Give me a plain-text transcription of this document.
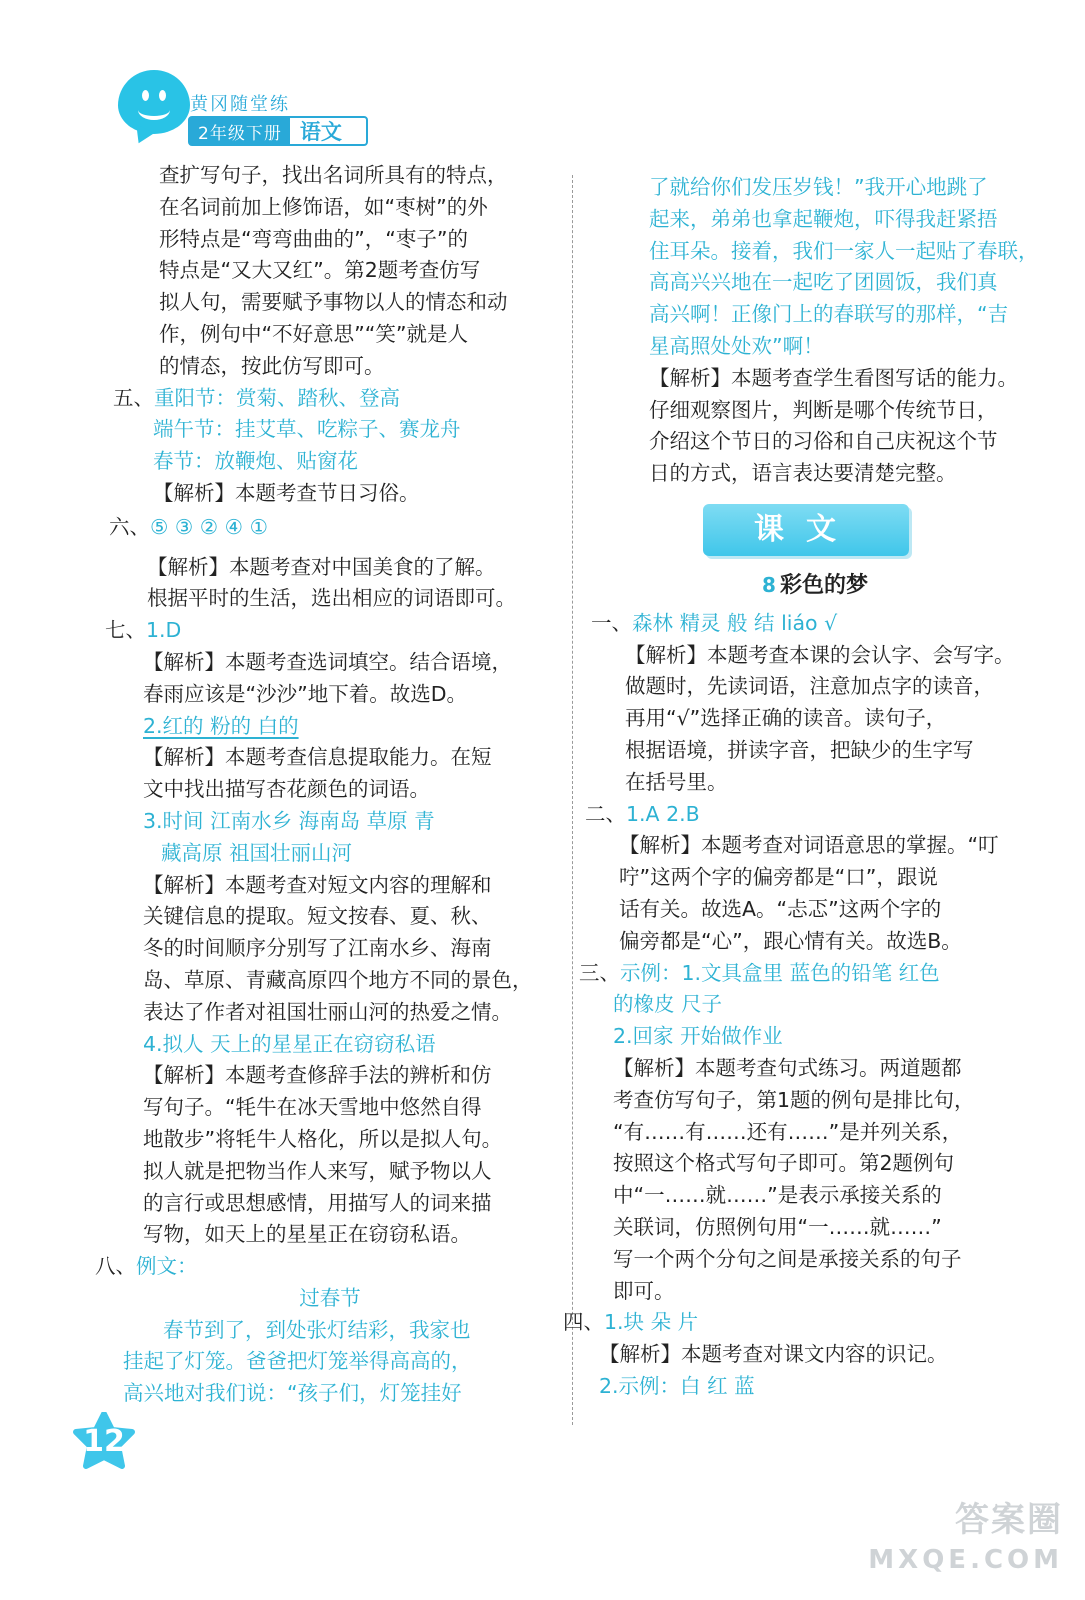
黄冈随堂练
2年级下册 语文
查扩写句子，找出名词所具有的特点，
在名词前加上修饰语，如“枣树”的外
形特点是“弯弯曲曲的”，“枣子”的
特点是“又大又红”。第2题考查仿写
拟人句，需要赋予事物以人的情态和动
作，例句中“不好意思”“笑”就是人
的情态，按此仿写即可。
五、重阳节：赏菊、踏秋、登高
端午节：挂艾草、吃粽子、赛龙舟
春节：放鞭炮、贴窗花
【解析】本题考查节日习俗。
六、⑤ ③ ② ④ ①
【解析】本题考查对中国美食的了解。
根据平时的生活，选出相应的词语即可。
七、1.D
【解析】本题考查选词填空。结合语境，
春雨应该是“沙沙”地下着。故选D。
2.红的 粉的 白的
【解析】本题考查信息提取能力。在短
文中找出描写杏花颜色的词语。
3.时间 江南水乡 海南岛 草原 青
藏高原 祖国壮丽山河
【解析】本题考查对短文内容的理解和
关键信息的提取。短文按春、夏、秋、
冬的时间顺序分别写了江南水乡、海南
岛、草原、青藏高原四个地方不同的景色，
表达了作者对祖国壮丽山河的热爱之情。
4.拟人 天上的星星正在窃窃私语
【解析】本题考查修辞手法的辨析和仿
写句子。“牦牛在冰天雪地中悠然自得
地散步”将牦牛人格化，所以是拟人句。
拟人就是把物当作人来写，赋予物以人
的言行或思想感情，用描写人的词来描
写物，如天上的星星正在窃窃私语。
八、例文：
过春节
春节到了，到处张灯结彩，我家也
挂起了灯笼。爸爸把灯笼举得高高的，
高兴地对我们说：“孩子们，灯笼挂好
了就给你们发压岁钱！”我开心地跳了
起来，弟弟也拿起鞭炮，吓得我赶紧捂
住耳朵。接着，我们一家人一起贴了春联，
高高兴兴地在一起吃了团圆饭，我们真
高兴啊！正像门上的春联写的那样，“吉
星高照处处欢”啊！
【解析】本题考查学生看图写话的能力。
仔细观察图片，判断是哪个传统节日，
介绍这个节日的习俗和自己庆祝这个节
日的方式，语言表达要清楚完整。
课文
8 彩色的梦
一、森林 精灵 般 结 liáo √
【解析】本题考查本课的会认字、会写字。
做题时，先读词语，注意加点字的读音，
再用“√”选择正确的读音。读句子，
根据语境，拼读字音，把缺少的生字写
在括号里。
二、1.A 2.B
【解析】本题考查对词语意思的掌握。“叮
咛”这两个字的偏旁都是“口”，跟说
话有关。故选A。“忐忑”这两个字的
偏旁都是“心”，跟心情有关。故选B。
三、示例：1.文具盒里 蓝色的铅笔 红色
的橡皮 尺子
2.回家 开始做作业
【解析】本题考查句式练习。两道题都
考查仿写句子，第1题的例句是排比句，
“有……有……还有……”是并列关系，
按照这个格式写句子即可。第2题例句
中“一……就……”是表示承接关系的
关联词，仿照例句用“一……就……”
写一个两个分句之间是承接关系的句子
即可。
四、1.块 朵 片
【解析】本题考查对课文内容的识记。
2.示例：白 红 蓝
12
答案圈
MXQE.COM
